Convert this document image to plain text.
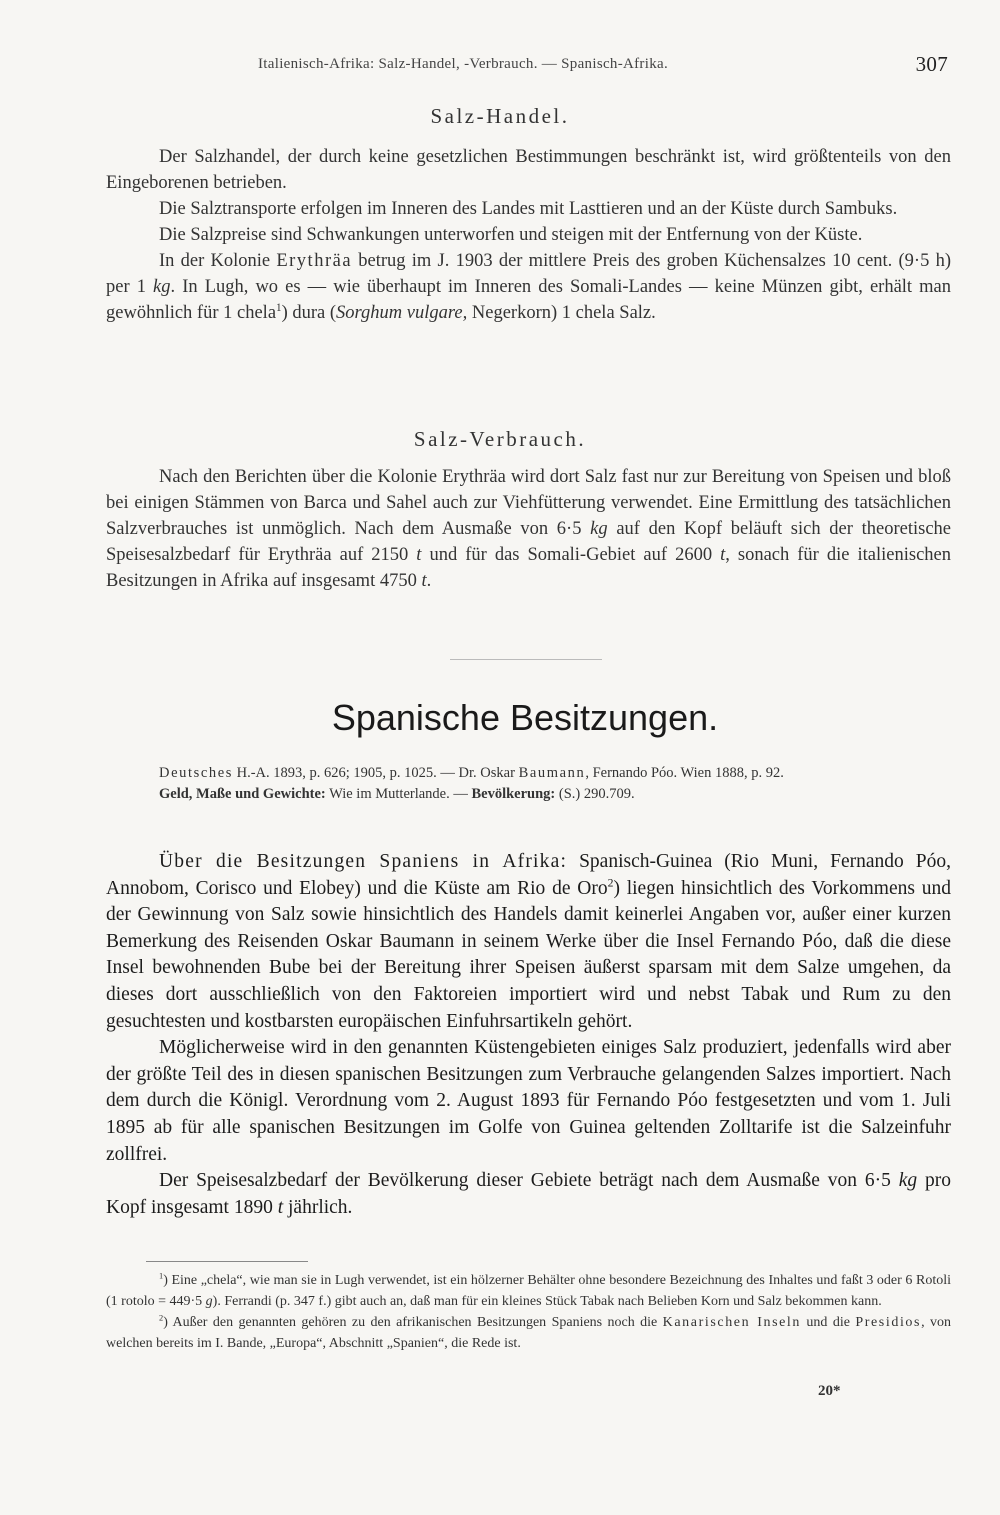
Italienisch-Afrika: Salz-Handel, -Verbrauch. — Spanisch-Afrika.	307
Salz-Handel.

Der Salzhandel, der durch keine gesetzlichen Bestimmungen beschränkt ist, wird größtenteils von den Eingeborenen betrieben.

Die Salztransporte erfolgen im Inneren des Landes mit Lasttieren und an der Küste durch Sambuks.

Die Salzpreise sind Schwankungen unterworfen und steigen mit der Entfernung von der Küste.

In der Kolonie Erythräa betrug im J. 1903 der mittlere Preis des groben Küchensalzes 10 cent. (9·5 h) per 1 kg. In Lugh, wo es — wie überhaupt im Inneren des Somali-Landes — keine Münzen gibt, erhält man gewöhnlich für 1 chela$^1$) dura (Sorghum vulgare, Negerkorn) 1 chela Salz.

Salz-Verbrauch.

Nach den Berichten über die Kolonie Erythräa wird dort Salz fast nur zur Bereitung von Speisen und bloß bei einigen Stämmen von Barca und Sahel auch zur Viehfütterung verwendet. Eine Ermittlung des tatsächlichen Salzverbrauches ist unmöglich. Nach dem Ausmaße von 6·5 kg auf den Kopf beläuft sich der theoretische Speisesalzbedarf für Erythräa auf 2150 t und für das Somali-Gebiet auf 2600 t, sonach für die italienischen Besitzungen in Afrika auf insgesamt 4750 t.

Spanische Besitzungen.

Deutsches H.-A. 1893, p. 626; 1905, p. 1025. — Dr. Oskar Baumann, Fernando Póo. Wien 1888, p. 92.

Geld, Maße und Gewichte: Wie im Mutterlande. — Bevölkerung: (S.) 290.709.

Über die Besitzungen Spaniens in Afrika: Spanisch-Guinea (Rio Muni, Fernando Póo, Annobom, Corisco und Elobey) und die Küste am Rio de Oro$^2$) liegen hinsichtlich des Vorkommens und der Gewinnung von Salz sowie hinsichtlich des Handels damit keinerlei Angaben vor, außer einer kurzen Bemerkung des Reisenden Oskar Baumann in seinem Werke über die Insel Fernando Póo, daß die diese Insel bewohnenden Bube bei der Bereitung ihrer Speisen äußerst sparsam mit dem Salze umgehen, da dieses dort ausschließlich von den Faktoreien importiert wird und nebst Tabak und Rum zu den gesuchtesten und kostbarsten europäischen Einfuhrsartikeln gehört.

Möglicherweise wird in den genannten Küstengebieten einiges Salz produziert, jedenfalls wird aber der größte Teil des in diesen spanischen Besitzungen zum Verbrauche gelangenden Salzes importiert. Nach dem durch die Königl. Verordnung vom 2. August 1893 für Fernando Póo festgesetzten und vom 1. Juli 1895 ab für alle spanischen Besitzungen im Golfe von Guinea geltenden Zolltarife ist die Salzeinfuhr zollfrei.

Der Speisesalzbedarf der Bevölkerung dieser Gebiete beträgt nach dem Ausmaße von 6·5 kg pro Kopf insgesamt 1890 t jährlich.

$^1$) Eine „chela“, wie man sie in Lugh verwendet, ist ein hölzerner Behälter ohne besondere Bezeichnung des Inhaltes und faßt 3 oder 6 Rotoli (1 rotolo = 449·5 g). Ferrandi (p. 347 f.) gibt auch an, daß man für ein kleines Stück Tabak nach Belieben Korn und Salz bekommen kann.

$^2$) Außer den genannten gehören zu den afrikanischen Besitzungen Spaniens noch die Kanarischen Inseln und die Presidios, von welchen bereits im I. Bande, „Europa“, Abschnitt „Spanien“, die Rede ist.

20*
